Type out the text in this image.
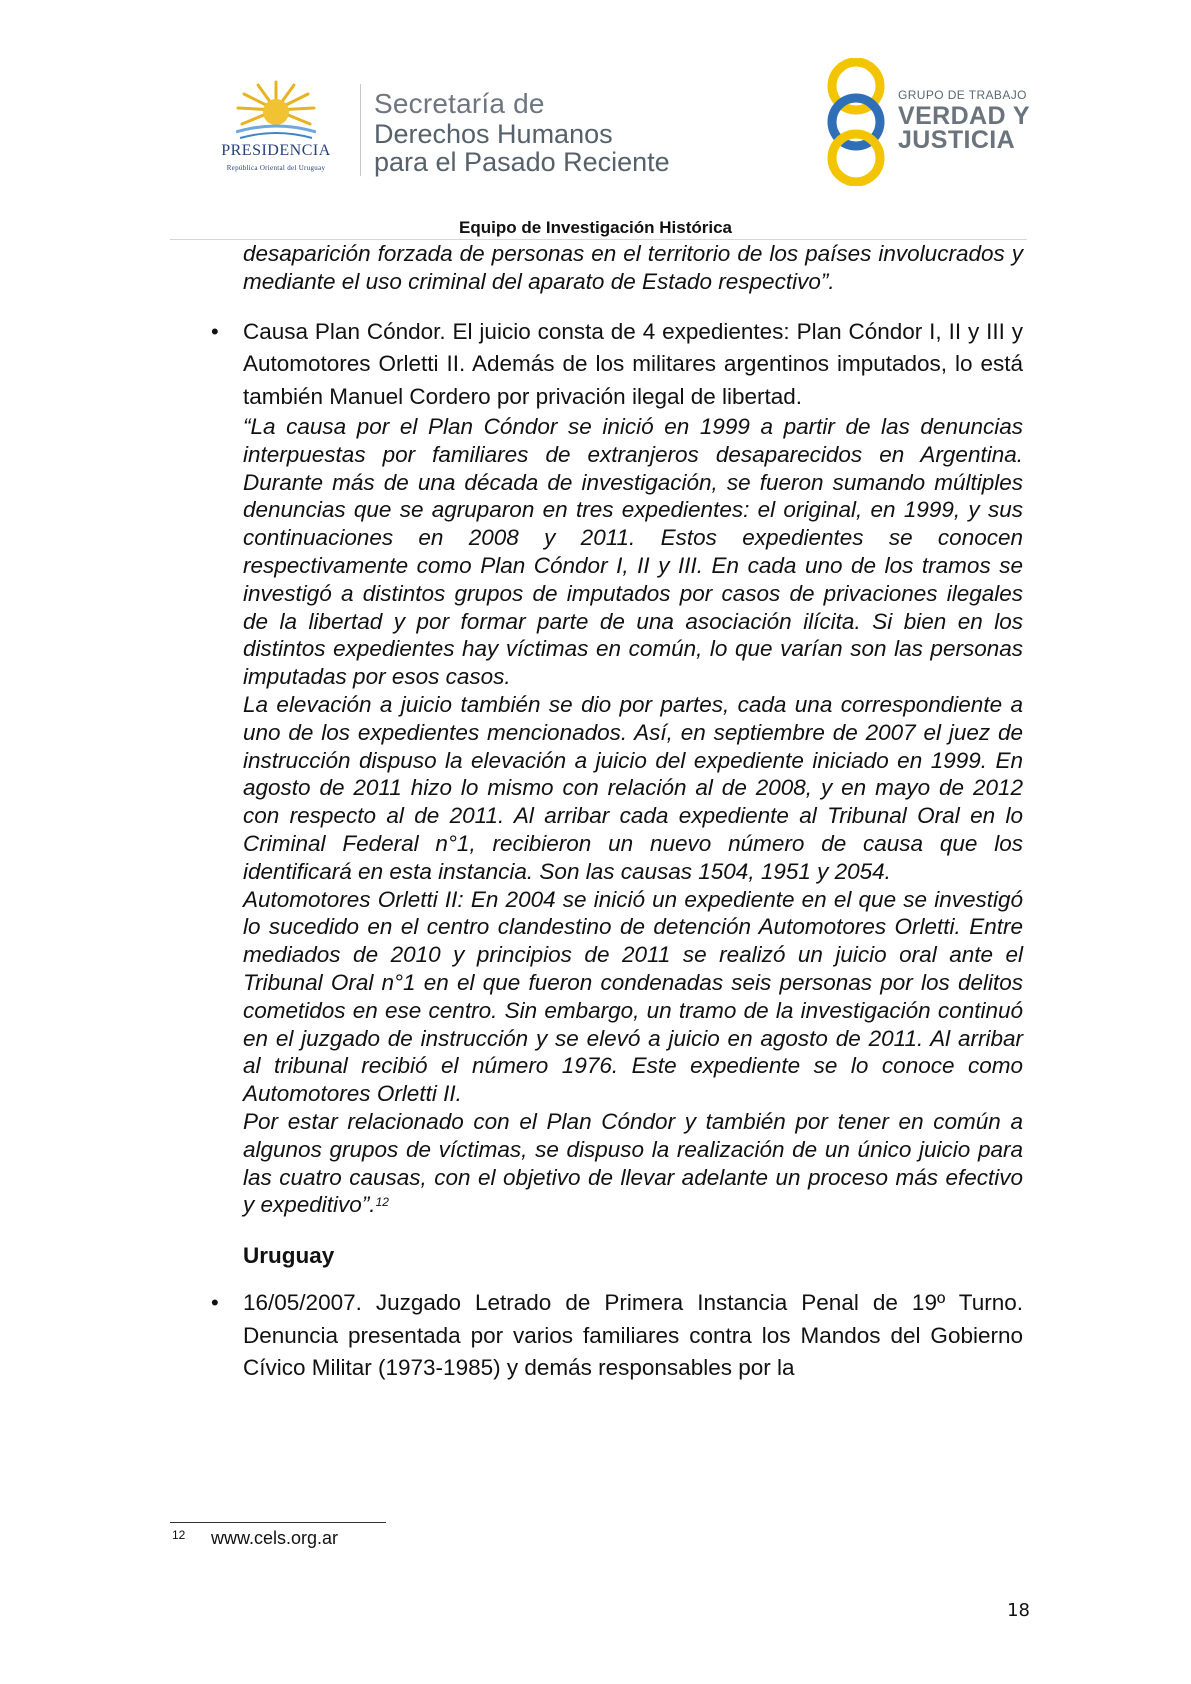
PRESIDENCIA
República Oriental del Uruguay
Secretaría de
Derechos Humanos
para el Pasado Reciente
GRUPO DE TRABAJO
VERDAD Y
JUSTICIA
Equipo de Investigación Histórica

desaparición forzada de personas en el territorio de los países involucrados y mediante el uso criminal del aparato de Estado respectivo”.

• Causa Plan Cóndor. El juicio consta de 4 expedientes: Plan Cóndor I, II y III y Automotores Orletti II. Además de los militares argentinos imputados, lo está también Manuel Cordero por privación ilegal de libertad.

“La causa por el Plan Cóndor se inició en 1999 a partir de las denuncias interpuestas por familiares de extranjeros desaparecidos en Argentina. Durante más de una década de investigación, se fueron sumando múltiples denuncias que se agruparon en tres expedientes: el original, en 1999, y sus continuaciones en 2008 y 2011. Estos expedientes se conocen respectivamente como Plan Cóndor I, II y III. En cada uno de los tramos se investigó a distintos grupos de imputados por casos de privaciones ilegales de la libertad y por formar parte de una asociación ilícita. Si bien en los distintos expedientes hay víctimas en común, lo que varían son las personas imputadas por esos casos.

La elevación a juicio también se dio por partes, cada una correspondiente a uno de los expedientes mencionados. Así, en septiembre de 2007 el juez de instrucción dispuso la elevación a juicio del expediente iniciado en 1999. En agosto de 2011 hizo lo mismo con relación al de 2008, y en mayo de 2012 con respecto al de 2011. Al arribar cada expediente al Tribunal Oral en lo Criminal Federal n°1, recibieron un nuevo número de causa que los identificará en esta instancia. Son las causas 1504, 1951 y 2054.

Automotores Orletti II: En 2004 se inició un expediente en el que se investigó lo sucedido en el centro clandestino de detención Automotores Orletti. Entre mediados de 2010 y principios de 2011 se realizó un juicio oral ante el Tribunal Oral n°1 en el que fueron condenadas seis personas por los delitos cometidos en ese centro. Sin embargo, un tramo de la investigación continuó en el juzgado de instrucción y se elevó a juicio en agosto de 2011. Al arribar al tribunal recibió el número 1976. Este expediente se lo conoce como Automotores Orletti II.

Por estar relacionado con el Plan Cóndor y también por tener en común a algunos grupos de víctimas, se dispuso la realización de un único juicio para las cuatro causas, con el objetivo de llevar adelante un proceso más efectivo y expeditivo”.$^{12}$

Uruguay

• 16/05/2007. Juzgado Letrado de Primera Instancia Penal de 19º Turno. Denuncia presentada por varios familiares contra los Mandos del Gobierno Cívico Militar (1973-1985) y demás responsables por la

12 www.cels.org.ar
18
